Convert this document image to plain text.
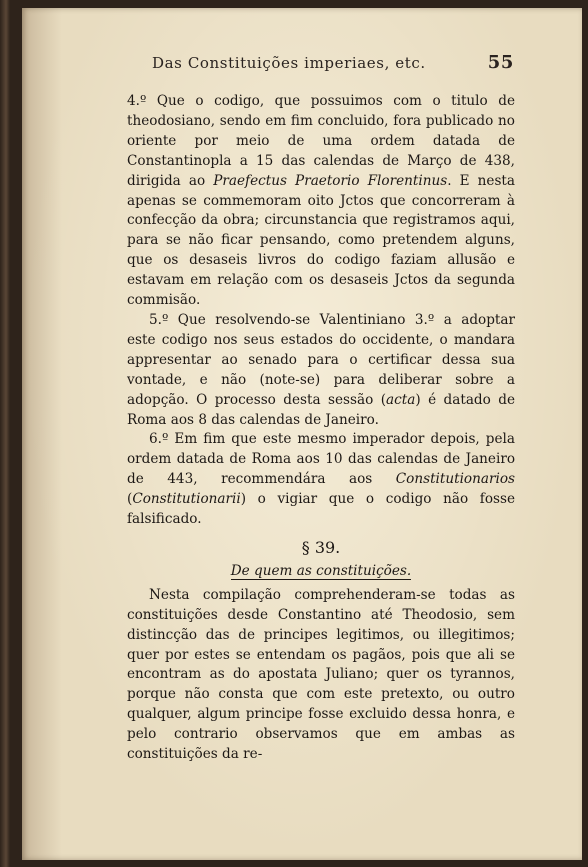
Das Constituições imperiaes, etc.	55

4.º Que o codigo, que possuimos com o titulo de theodosiano, sendo em fim concluido, fora publicado no oriente por meio de uma ordem datada de Constantinopla a 15 das calendas de Março de 438, dirigida ao Praefectus Praetorio Florentinus. E nesta apenas se commemoram oito Jctos que concorreram à confecção da obra; circunstancia que registramos aqui, para se não ficar pensando, como pretendem alguns, que os desaseis livros do codigo faziam allusão e estavam em relação com os desaseis Jctos da segunda commisão.

5.º Que resolvendo-se Valentiniano 3.º a adoptar este codigo nos seus estados do occidente, o mandara appresentar ao senado para o certificar dessa sua vontade, e não (note-se) para deliberar sobre a adopção. O processo desta sessão (acta) é datado de Roma aos 8 das calendas de Janeiro.

6.º Em fim que este mesmo imperador depois, pela ordem datada de Roma aos 10 das calendas de Janeiro de 443, recommendára aos Constitutionarios (Constitutionarii) o vigiar que o codigo não fosse falsificado.

§ 39.
De quem as constituições.

Nesta compilação comprehenderam-se todas as constituições desde Constantino até Theodosio, sem distincção das de principes legitimos, ou illegitimos; quer por estes se entendam os pagãos, pois que ali se encontram as do apostata Juliano; quer os tyrannos, porque não consta que com este pretexto, ou outro qualquer, algum principe fosse excluido dessa honra, e pelo contrario observamos que em ambas as constituições da re-
